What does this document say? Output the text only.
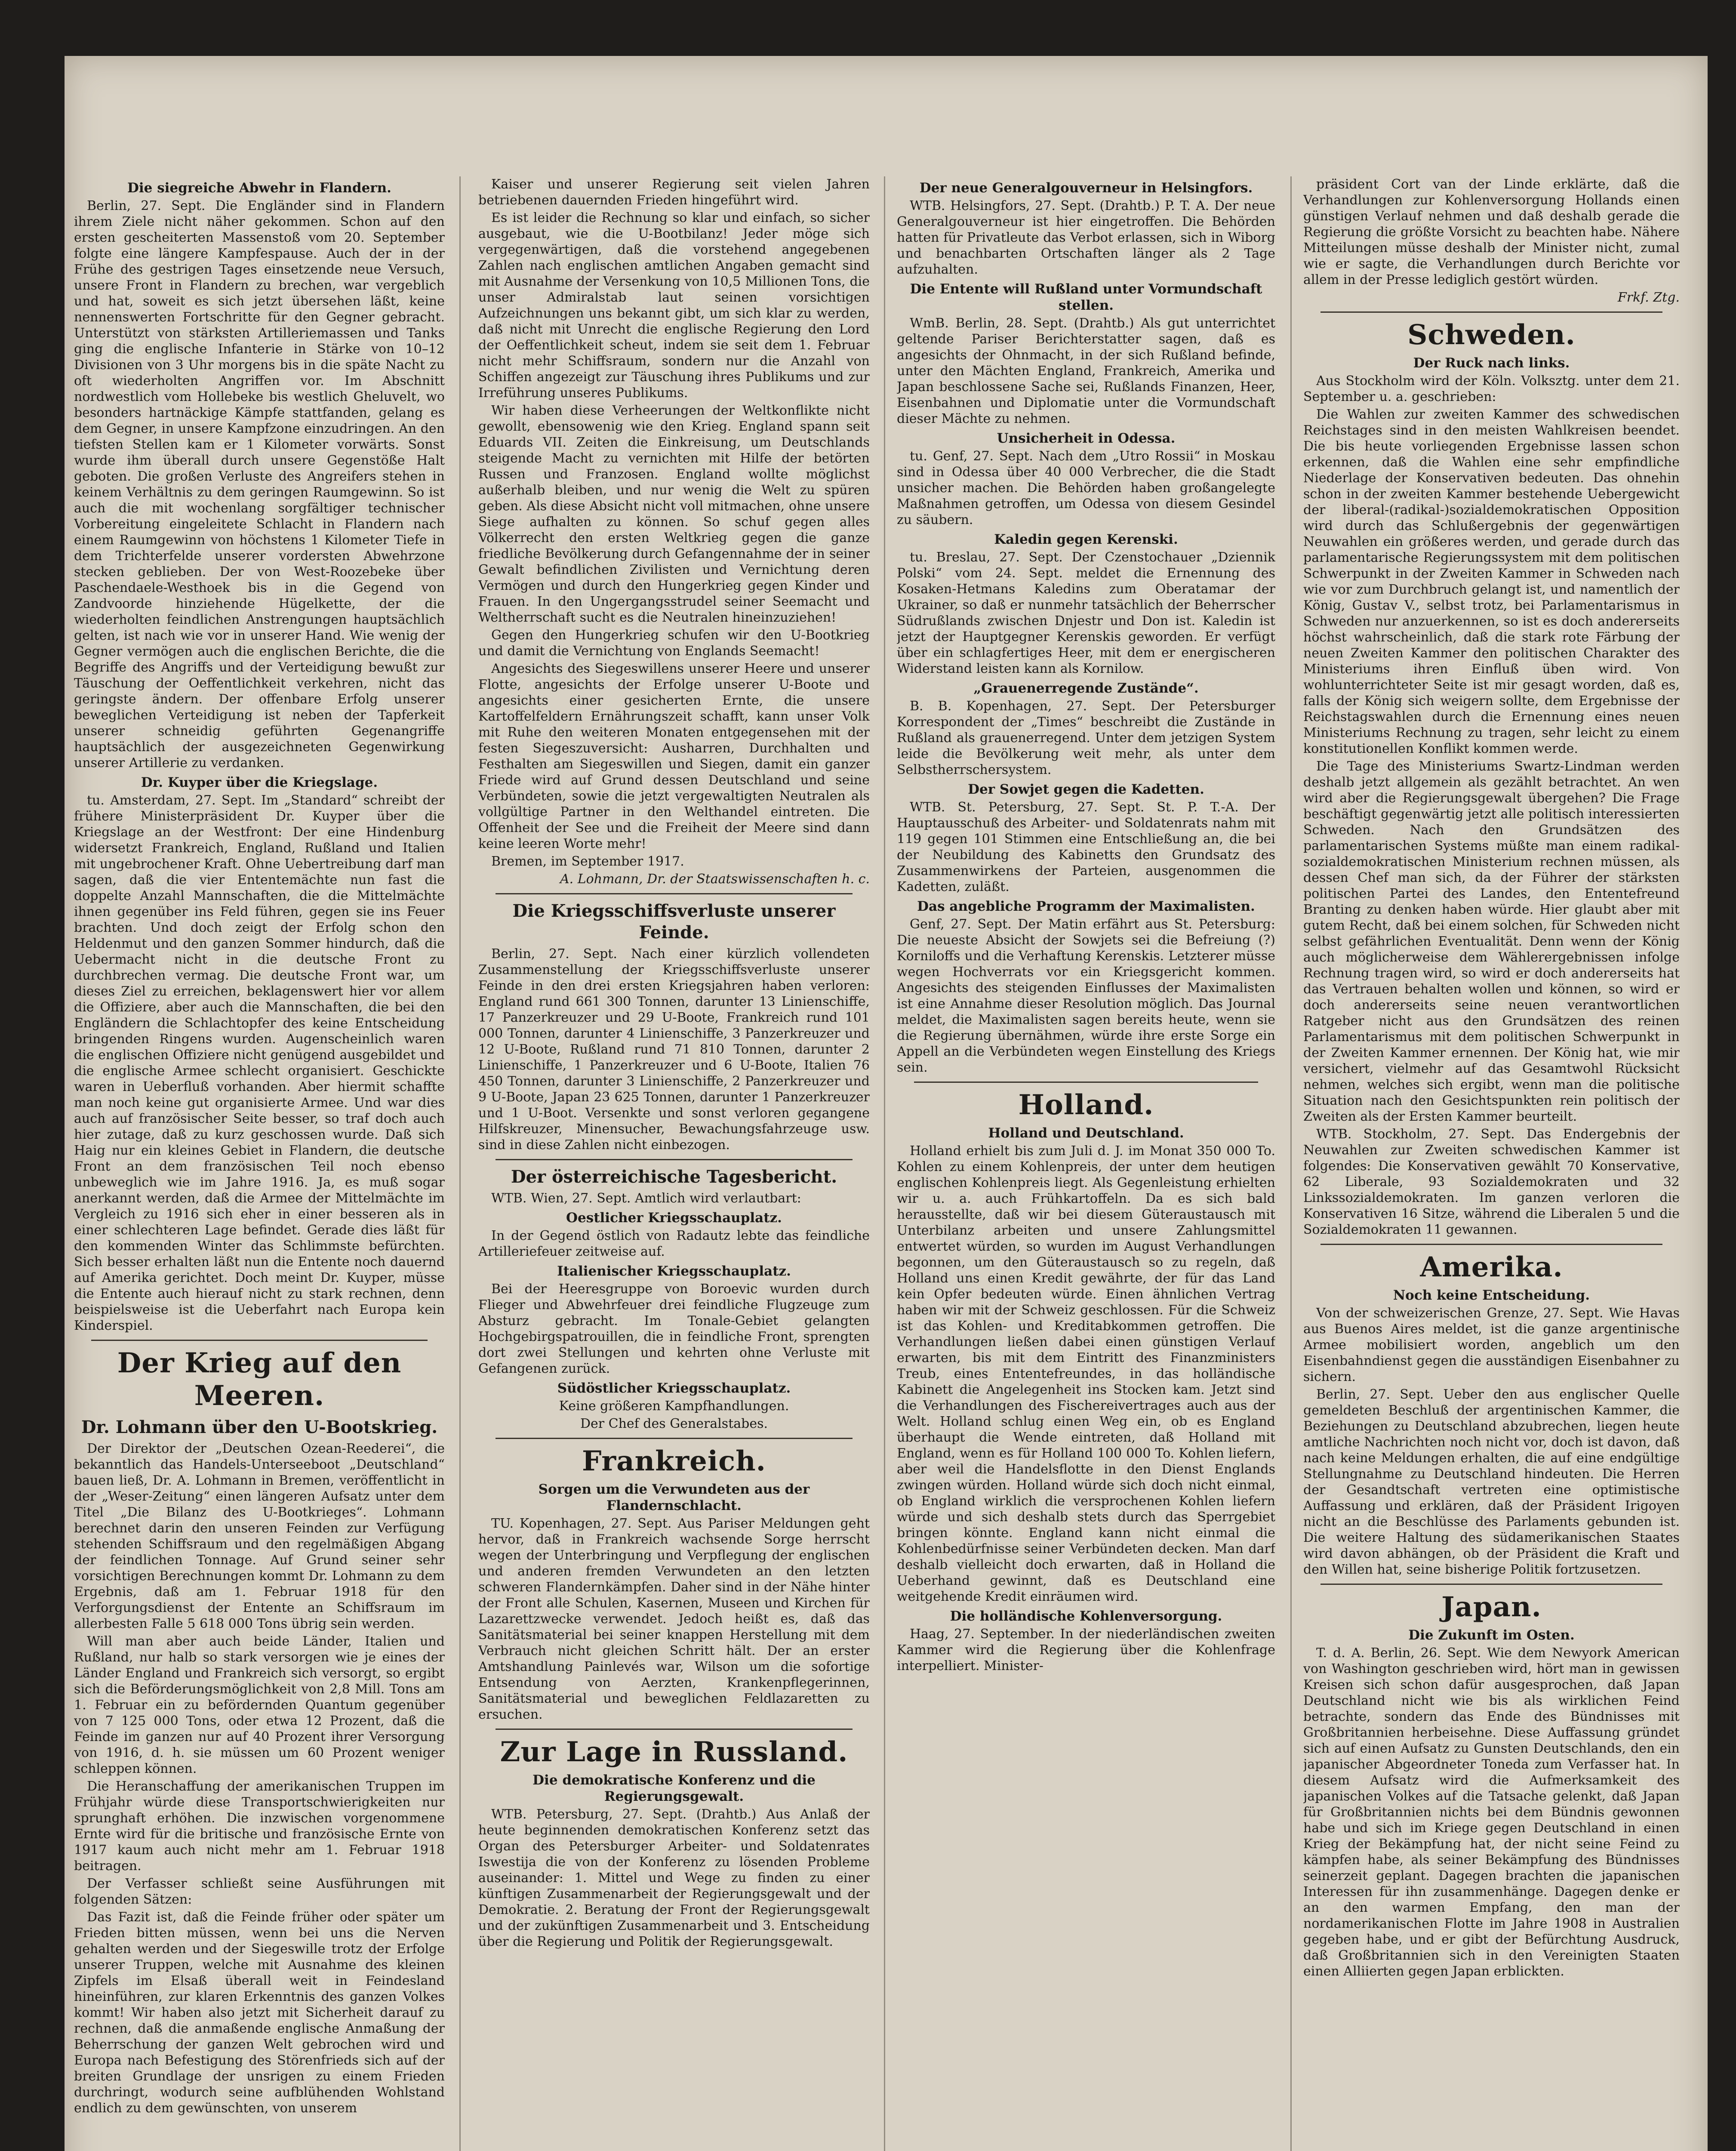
Die siegreiche Abwehr in Flandern.

Berlin, 27. Sept. Die Engländer sind in Flandern ihrem Ziele nicht näher gekommen. Schon auf den ersten gescheiterten Massenstoß vom 20. September folgte eine längere Kampfespause. Auch der in der Frühe des gestrigen Tages einsetzende neue Versuch, unsere Front in Flandern zu brechen, war vergeblich und hat, soweit es sich jetzt übersehen läßt, keine nennenswerten Fortschritte für den Gegner gebracht. Unterstützt von stärksten Artilleriemassen und Tanks ging die englische Infanterie in Stärke von 10–12 Divisionen von 3 Uhr morgens bis in die späte Nacht zu oft wiederholten Angriffen vor. Im Abschnitt nordwestlich vom Hollebeke bis westlich Gheluvelt, wo besonders hartnäckige Kämpfe stattfanden, gelang es dem Gegner, in unsere Kampfzone einzudringen. An den tiefsten Stellen kam er 1 Kilometer vorwärts. Sonst wurde ihm überall durch unsere Gegenstöße Halt geboten. Die großen Verluste des Angreifers stehen in keinem Verhältnis zu dem geringen Raumgewinn. So ist auch die mit wochenlang sorgfältiger technischer Vorbereitung eingeleitete Schlacht in Flandern nach einem Raumgewinn von höchstens 1 Kilometer Tiefe in dem Trichterfelde unserer vordersten Abwehrzone stecken geblieben. Der von West-Roozebeke über Paschendaele-Westhoek bis in die Gegend von Zandvoorde hinziehende Hügelkette, der die wiederholten feindlichen Anstrengungen hauptsächlich gelten, ist nach wie vor in unserer Hand. Wie wenig der Gegner vermögen auch die englischen Berichte, die die Begriffe des Angriffs und der Verteidigung bewußt zur Täuschung der Oeffentlichkeit verkehren, nicht das geringste ändern. Der offenbare Erfolg unserer beweglichen Verteidigung ist neben der Tapferkeit unserer schneidig geführten Gegenangriffe hauptsächlich der ausgezeichneten Gegenwirkung unserer Artillerie zu verdanken.

Dr. Kuyper über die Kriegslage.

tu. Amsterdam, 27. Sept. Im „Standard“ schreibt der frühere Ministerpräsident Dr. Kuyper über die Kriegslage an der Westfront: Der eine Hindenburg widersetzt Frankreich, England, Rußland und Italien mit ungebrochener Kraft. Ohne Uebertreibung darf man sagen, daß die vier Ententemächte nun fast die doppelte Anzahl Mannschaften, die die Mittelmächte ihnen gegenüber ins Feld führen, gegen sie ins Feuer brachten. Und doch zeigt der Erfolg schon den Heldenmut und den ganzen Sommer hindurch, daß die Uebermacht nicht in die deutsche Front zu durchbrechen vermag. Die deutsche Front war, um dieses Ziel zu erreichen, beklagenswert hier vor allem die Offiziere, aber auch die Mannschaften, die bei den Engländern die Schlachtopfer des keine Entscheidung bringenden Ringens wurden. Augenscheinlich waren die englischen Offiziere nicht genügend ausgebildet und die englische Armee schlecht organisiert. Geschickte waren in Ueberfluß vorhanden. Aber hiermit schaffte man noch keine gut organisierte Armee. Und war dies auch auf französischer Seite besser, so traf doch auch hier zutage, daß zu kurz geschossen wurde. Daß sich Haig nur ein kleines Gebiet in Flandern, die deutsche Front an dem französischen Teil noch ebenso unbeweglich wie im Jahre 1916. Ja, es muß sogar anerkannt werden, daß die Armee der Mittelmächte im Vergleich zu 1916 sich eher in einer besseren als in einer schlechteren Lage befindet. Gerade dies läßt für den kommenden Winter das Schlimmste befürchten. Sich besser erhalten läßt nun die Entente noch dauernd auf Amerika gerichtet. Doch meint Dr. Kuyper, müsse die Entente auch hierauf nicht zu stark rechnen, denn beispielsweise ist die Ueberfahrt nach Europa kein Kinderspiel.

Der Krieg auf den Meeren.
Dr. Lohmann über den U-Bootskrieg.

Der Direktor der „Deutschen Ozean-Reederei“, die bekanntlich das Handels-Unterseeboot „Deutschland“ bauen ließ, Dr. A. Lohmann in Bremen, veröffentlicht in der „Weser-Zeitung“ einen längeren Aufsatz unter dem Titel „Die Bilanz des U-Bootkrieges“. Lohmann berechnet darin den unseren Feinden zur Verfügung stehenden Schiffsraum und den regelmäßigen Abgang der feindlichen Tonnage. Auf Grund seiner sehr vorsichtigen Berechnungen kommt Dr. Lohmann zu dem Ergebnis, daß am 1. Februar 1918 für den Verforgungsdienst der Entente an Schiffsraum im allerbesten Falle 5 618 000 Tons übrig sein werden.

Will man aber auch beide Länder, Italien und Rußland, nur halb so stark versorgen wie je eines der Länder England und Frankreich sich versorgt, so ergibt sich die Beförderungsmöglichkeit von 2,8 Mill. Tons am 1. Februar ein zu befördernden Quantum gegenüber von 7 125 000 Tons, oder etwa 12 Prozent, daß die Feinde im ganzen nur auf 40 Prozent ihrer Versorgung von 1916, d. h. sie müssen um 60 Prozent weniger schleppen können.

Die Heranschaffung der amerikanischen Truppen im Frühjahr würde diese Transportschwierigkeiten nur sprunghaft erhöhen. Die inzwischen vorgenommene Ernte wird für die britische und französische Ernte von 1917 kaum auch nicht mehr am 1. Februar 1918 beitragen.

Der Verfasser schließt seine Ausführungen mit folgenden Sätzen:

Das Fazit ist, daß die Feinde früher oder später um Frieden bitten müssen, wenn bei uns die Nerven gehalten werden und der Siegeswille trotz der Erfolge unserer Truppen, welche mit Ausnahme des kleinen Zipfels im Elsaß überall weit in Feindesland hineinführen, zur klaren Erkenntnis des ganzen Volkes kommt! Wir haben also jetzt mit Sicherheit darauf zu rechnen, daß die anmaßende englische Anmaßung der Beherrschung der ganzen Welt gebrochen wird und Europa nach Befestigung des Störenfrieds sich auf der breiten Grundlage der unsrigen zu einem Frieden durchringt, wodurch seine aufblühenden Wohlstand endlich zu dem gewünschten, von unserem

Kaiser und unserer Regierung seit vielen Jahren betriebenen dauernden Frieden hingeführt wird.

Es ist leider die Rechnung so klar und einfach, so sicher ausgebaut, wie die U-Bootbilanz! Jeder möge sich vergegenwärtigen, daß die vorstehend angegebenen Zahlen nach englischen amtlichen Angaben gemacht sind mit Ausnahme der Versenkung von 10,5 Millionen Tons, die unser Admiralstab laut seinen vorsichtigen Aufzeichnungen uns bekannt gibt, um sich klar zu werden, daß nicht mit Unrecht die englische Regierung den Lord der Oeffentlichkeit scheut, indem sie seit dem 1. Februar nicht mehr Schiffsraum, sondern nur die Anzahl von Schiffen angezeigt zur Täuschung ihres Publikums und zur Irreführung unseres Publikums.

Wir haben diese Verheerungen der Weltkonflikte nicht gewollt, ebensowenig wie den Krieg. England spann seit Eduards VII. Zeiten die Einkreisung, um Deutschlands steigende Macht zu vernichten mit Hilfe der betörten Russen und Franzosen. England wollte möglichst außerhalb bleiben, und nur wenig die Welt zu spüren geben. Als diese Absicht nicht voll mitmachen, ohne unsere Siege aufhalten zu können. So schuf gegen alles Völkerrecht den ersten Weltkrieg gegen die ganze friedliche Bevölkerung durch Gefangennahme der in seiner Gewalt befindlichen Zivilisten und Vernichtung deren Vermögen und durch den Hungerkrieg gegen Kinder und Frauen. In den Ungergangsstrudel seiner Seemacht und Weltherrschaft sucht es die Neutralen hineinzuziehen!

Gegen den Hungerkrieg schufen wir den U-Bootkrieg und damit die Vernichtung von Englands Seemacht!

Angesichts des Siegeswillens unserer Heere und unserer Flotte, angesichts der Erfolge unserer U-Boote und angesichts einer gesicherten Ernte, die unsere Kartoffelfeldern Ernährungszeit schafft, kann unser Volk mit Ruhe den weiteren Monaten entgegensehen mit der festen Siegeszuversicht: Ausharren, Durchhalten und Festhalten am Siegeswillen und Siegen, damit ein ganzer Friede wird auf Grund dessen Deutschland und seine Verbündeten, sowie die jetzt vergewaltigten Neutralen als vollgültige Partner in den Welthandel eintreten. Die Offenheit der See und die Freiheit der Meere sind dann keine leeren Worte mehr!

Bremen, im September 1917.

A. Lohmann, Dr. der Staatswissenschaften h. c.

Die Kriegsschiffsverluste unserer Feinde.

Berlin, 27. Sept. Nach einer kürzlich vollendeten Zusammenstellung der Kriegsschiffsverluste unserer Feinde in den drei ersten Kriegsjahren haben verloren: England rund 661 300 Tonnen, darunter 13 Linienschiffe, 17 Panzerkreuzer und 29 U-Boote, Frankreich rund 101 000 Tonnen, darunter 4 Linienschiffe, 3 Panzerkreuzer und 12 U-Boote, Rußland rund 71 810 Tonnen, darunter 2 Linienschiffe, 1 Panzerkreuzer und 6 U-Boote, Italien 76 450 Tonnen, darunter 3 Linienschiffe, 2 Panzerkreuzer und 9 U-Boote, Japan 23 625 Tonnen, darunter 1 Panzerkreuzer und 1 U-Boot. Versenkte und sonst verloren gegangene Hilfskreuzer, Minensucher, Bewachungsfahrzeuge usw. sind in diese Zahlen nicht einbezogen.

Der österreichische Tagesbericht.

WTB. Wien, 27. Sept. Amtlich wird verlautbart:

Oestlicher Kriegsschauplatz.

In der Gegend östlich von Radautz lebte das feindliche Artilleriefeuer zeitweise auf.

Italienischer Kriegsschauplatz.

Bei der Heeresgruppe von Boroevic wurden durch Flieger und Abwehrfeuer drei feindliche Flugzeuge zum Absturz gebracht. Im Tonale-Gebiet gelangten Hochgebirgspatrouillen, die in feindliche Front, sprengten dort zwei Stellungen und kehrten ohne Verluste mit Gefangenen zurück.

Südöstlicher Kriegsschauplatz.

Keine größeren Kampfhandlungen.

Der Chef des Generalstabes.

Frankreich.
Sorgen um die Verwundeten aus der Flandernschlacht.

TU. Kopenhagen, 27. Sept. Aus Pariser Meldungen geht hervor, daß in Frankreich wachsende Sorge herrscht wegen der Unterbringung und Verpflegung der englischen und anderen fremden Verwundeten an den letzten schweren Flandernkämpfen. Daher sind in der Nähe hinter der Front alle Schulen, Kasernen, Museen und Kirchen für Lazarettzwecke verwendet. Jedoch heißt es, daß das Sanitätsmaterial bei seiner knappen Herstellung mit dem Verbrauch nicht gleichen Schritt hält. Der an erster Amtshandlung Painlevés war, Wilson um die sofortige Entsendung von Aerzten, Krankenpflegerinnen, Sanitätsmaterial und beweglichen Feldlazaretten zu ersuchen.

Zur Lage in Russland.
Die demokratische Konferenz und die Regierungsgewalt.

WTB. Petersburg, 27. Sept. (Drahtb.) Aus Anlaß der heute beginnenden demokratischen Konferenz setzt das Organ des Petersburger Arbeiter- und Soldatenrates Iswestija die von der Konferenz zu lösenden Probleme auseinander: 1. Mittel und Wege zu finden zu einer künftigen Zusammenarbeit der Regierungsgewalt und der Demokratie. 2. Beratung der Front der Regierungsgewalt und der zukünftigen Zusammenarbeit und 3. Entscheidung über die Regierung und Politik der Regierungsgewalt.

Der neue Generalgouverneur in Helsingfors.

WTB. Helsingfors, 27. Sept. (Drahtb.) P. T. A. Der neue Generalgouverneur ist hier eingetroffen. Die Behörden hatten für Privatleute das Verbot erlassen, sich in Wiborg und benachbarten Ortschaften länger als 2 Tage aufzuhalten.

Die Entente will Rußland unter Vormundschaft stellen.

WmB. Berlin, 28. Sept. (Drahtb.) Als gut unterrichtet geltende Pariser Berichterstatter sagen, daß es angesichts der Ohnmacht, in der sich Rußland befinde, unter den Mächten England, Frankreich, Amerika und Japan beschlossene Sache sei, Rußlands Finanzen, Heer, Eisenbahnen und Diplomatie unter die Vormundschaft dieser Mächte zu nehmen.

Unsicherheit in Odessa.

tu. Genf, 27. Sept. Nach dem „Utro Rossii“ in Moskau sind in Odessa über 40 000 Verbrecher, die die Stadt unsicher machen. Die Behörden haben großangelegte Maßnahmen getroffen, um Odessa von diesem Gesindel zu säubern.

Kaledin gegen Kerenski.

tu. Breslau, 27. Sept. Der Czenstochauer „Dziennik Polski“ vom 24. Sept. meldet die Ernennung des Kosaken-Hetmans Kaledins zum Oberatamar der Ukrainer, so daß er nunmehr tatsächlich der Beherrscher Südrußlands zwischen Dnjestr und Don ist. Kaledin ist jetzt der Hauptgegner Kerenskis geworden. Er verfügt über ein schlagfertiges Heer, mit dem er energischeren Widerstand leisten kann als Kornilow.

„Grauenerregende Zustände“.

B. B. Kopenhagen, 27. Sept. Der Petersburger Korrespondent der „Times“ beschreibt die Zustände in Rußland als grauenerregend. Unter dem jetzigen System leide die Bevölkerung weit mehr, als unter dem Selbstherrschersystem.

Der Sowjet gegen die Kadetten.

WTB. St. Petersburg, 27. Sept. St. P. T.-A. Der Hauptausschuß des Arbeiter- und Soldatenrats nahm mit 119 gegen 101 Stimmen eine Entschließung an, die bei der Neubildung des Kabinetts den Grundsatz des Zusammenwirkens der Parteien, ausgenommen die Kadetten, zuläßt.

Das angebliche Programm der Maximalisten.

Genf, 27. Sept. Der Matin erfährt aus St. Petersburg: Die neueste Absicht der Sowjets sei die Befreiung (?) Korniloffs und die Verhaftung Kerenskis. Letzterer müsse wegen Hochverrats vor ein Kriegsgericht kommen. Angesichts des steigenden Einflusses der Maximalisten ist eine Annahme dieser Resolution möglich. Das Journal meldet, die Maximalisten sagen bereits heute, wenn sie die Regierung übernähmen, würde ihre erste Sorge ein Appell an die Verbündeten wegen Einstellung des Kriegs sein.

Holland.
Holland und Deutschland.

Holland erhielt bis zum Juli d. J. im Monat 350 000 To. Kohlen zu einem Kohlenpreis, der unter dem heutigen englischen Kohlenpreis liegt. Als Gegenleistung erhielten wir u. a. auch Frühkartoffeln. Da es sich bald herausstellte, daß wir bei diesem Güteraustausch mit Unterbilanz arbeiten und unsere Zahlungsmittel entwertet würden, so wurden im August Verhandlungen begonnen, um den Güteraustausch so zu regeln, daß Holland uns einen Kredit gewährte, der für das Land kein Opfer bedeuten würde. Einen ähnlichen Vertrag haben wir mit der Schweiz geschlossen. Für die Schweiz ist das Kohlen- und Kreditabkommen getroffen. Die Verhandlungen ließen dabei einen günstigen Verlauf erwarten, bis mit dem Eintritt des Finanzministers Treub, eines Ententefreundes, in das holländische Kabinett die Angelegenheit ins Stocken kam. Jetzt sind die Verhandlungen des Fischereivertrages auch aus der Welt. Holland schlug einen Weg ein, ob es England überhaupt die Wende eintreten, daß Holland mit England, wenn es für Holland 100 000 To. Kohlen liefern, aber weil die Handelsflotte in den Dienst Englands zwingen würden. Holland würde sich doch nicht einmal, ob England wirklich die versprochenen Kohlen liefern würde und sich deshalb stets durch das Sperrgebiet bringen könnte. England kann nicht einmal die Kohlenbedürfnisse seiner Verbündeten decken. Man darf deshalb vielleicht doch erwarten, daß in Holland die Ueberhand gewinnt, daß es Deutschland eine weitgehende Kredit einräumen wird.

Die holländische Kohlenversorgung.

Haag, 27. September. In der niederländischen zweiten Kammer wird die Regierung über die Kohlenfrage interpelliert. Minister-

präsident Cort van der Linde erklärte, daß die Verhandlungen zur Kohlenversorgung Hollands einen günstigen Verlauf nehmen und daß deshalb gerade die Regierung die größte Vorsicht zu beachten habe. Nähere Mitteilungen müsse deshalb der Minister nicht, zumal wie er sagte, die Verhandlungen durch Berichte vor allem in der Presse lediglich gestört würden.

Frkf. Ztg.

Schweden.
Der Ruck nach links.

Aus Stockholm wird der Köln. Volksztg. unter dem 21. September u. a. geschrieben:

Die Wahlen zur zweiten Kammer des schwedischen Reichstages sind in den meisten Wahlkreisen beendet. Die bis heute vorliegenden Ergebnisse lassen schon erkennen, daß die Wahlen eine sehr empfindliche Niederlage der Konservativen bedeuten. Das ohnehin schon in der zweiten Kammer bestehende Uebergewicht der liberal-(radikal-)sozialdemokratischen Opposition wird durch das Schlußergebnis der gegenwärtigen Neuwahlen ein größeres werden, und gerade durch das parlamentarische Regierungssystem mit dem politischen Schwerpunkt in der Zweiten Kammer in Schweden nach wie vor zum Durchbruch gelangt ist, und namentlich der König, Gustav V., selbst trotz, bei Parlamentarismus in Schweden nur anzuerkennen, so ist es doch andererseits höchst wahrscheinlich, daß die stark rote Färbung der neuen Zweiten Kammer den politischen Charakter des Ministeriums ihren Einfluß üben wird. Von wohlunterrichteter Seite ist mir gesagt worden, daß es, falls der König sich weigern sollte, dem Ergebnisse der Reichstagswahlen durch die Ernennung eines neuen Ministeriums Rechnung zu tragen, sehr leicht zu einem konstitutionellen Konflikt kommen werde.

Die Tage des Ministeriums Swartz-Lindman werden deshalb jetzt allgemein als gezählt betrachtet. An wen wird aber die Regierungsgewalt übergehen? Die Frage beschäftigt gegenwärtig jetzt alle politisch interessierten Schweden. Nach den Grundsätzen des parlamentarischen Systems müßte man einem radikal-sozialdemokratischen Ministerium rechnen müssen, als dessen Chef man sich, da der Führer der stärksten politischen Partei des Landes, den Ententefreund Branting zu denken haben würde. Hier glaubt aber mit gutem Recht, daß bei einem solchen, für Schweden nicht selbst gefährlichen Eventualität. Denn wenn der König auch möglicherweise dem Wählerergebnissen infolge Rechnung tragen wird, so wird er doch andererseits hat das Vertrauen behalten wollen und können, so wird er doch andererseits seine neuen verantwortlichen Ratgeber nicht aus den Grundsätzen des reinen Parlamentarismus mit dem politischen Schwerpunkt in der Zweiten Kammer ernennen. Der König hat, wie mir versichert, vielmehr auf das Gesamtwohl Rücksicht nehmen, welches sich ergibt, wenn man die politische Situation nach den Gesichtspunkten rein politisch der Zweiten als der Ersten Kammer beurteilt.

WTB. Stockholm, 27. Sept. Das Endergebnis der Neuwahlen zur Zweiten schwedischen Kammer ist folgendes: Die Konservativen gewählt 70 Konservative, 62 Liberale, 93 Sozialdemokraten und 32 Linkssozialdemokraten. Im ganzen verloren die Konservativen 16 Sitze, während die Liberalen 5 und die Sozialdemokraten 11 gewannen.

Amerika.
Noch keine Entscheidung.

Von der schweizerischen Grenze, 27. Sept. Wie Havas aus Buenos Aires meldet, ist die ganze argentinische Armee mobilisiert worden, angeblich um den Eisenbahndienst gegen die ausständigen Eisenbahner zu sichern.

Berlin, 27. Sept. Ueber den aus englischer Quelle gemeldeten Beschluß der argentinischen Kammer, die Beziehungen zu Deutschland abzubrechen, liegen heute amtliche Nachrichten noch nicht vor, doch ist davon, daß nach keine Meldungen erhalten, die auf eine endgültige Stellungnahme zu Deutschland hindeuten. Die Herren der Gesandtschaft vertreten eine optimistische Auffassung und erklären, daß der Präsident Irigoyen nicht an die Beschlüsse des Parlaments gebunden ist. Die weitere Haltung des südamerikanischen Staates wird davon abhängen, ob der Präsident die Kraft und den Willen hat, seine bisherige Politik fortzusetzen.

Japan.
Die Zukunft im Osten.

T. d. A. Berlin, 26. Sept. Wie dem Newyork American von Washington geschrieben wird, hört man in gewissen Kreisen sich schon dafür ausgesprochen, daß Japan Deutschland nicht wie bis als wirklichen Feind betrachte, sondern das Ende des Bündnisses mit Großbritannien herbeisehne. Diese Auffassung gründet sich auf einen Aufsatz zu Gunsten Deutschlands, den ein japanischer Abgeordneter Toneda zum Verfasser hat. In diesem Aufsatz wird die Aufmerksamkeit des japanischen Volkes auf die Tatsache gelenkt, daß Japan für Großbritannien nichts bei dem Bündnis gewonnen habe und sich im Kriege gegen Deutschland in einen Krieg der Bekämpfung hat, der nicht seine Feind zu kämpfen habe, als seiner Bekämpfung des Bündnisses seinerzeit geplant. Dagegen brachten die japanischen Interessen für ihn zusammenhänge. Dagegen denke er an den warmen Empfang, den man der nordamerikanischen Flotte im Jahre 1908 in Australien gegeben habe, und er gibt der Befürchtung Ausdruck, daß Großbritannien sich in den Vereinigten Staaten einen Alliierten gegen Japan erblickten.
